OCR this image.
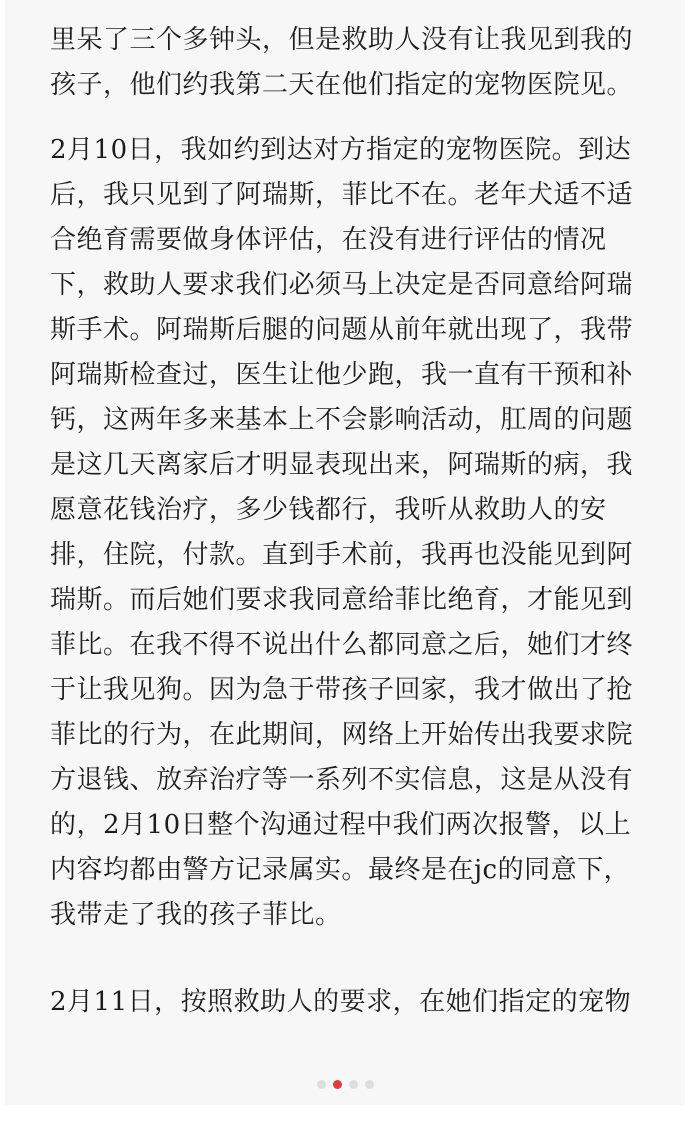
里呆了三个多钟头，但是救助人没有让我见到我的
孩子，他们约我第二天在他们指定的宠物医院见。

2月10日，我如约到达对方指定的宠物医院。到达
后，我只见到了阿瑞斯，菲比不在。老年犬适不适
合绝育需要做身体评估，在没有进行评估的情况
下，救助人要求我们必须马上决定是否同意给阿瑞
斯手术。阿瑞斯后腿的问题从前年就出现了，我带
阿瑞斯检查过，医生让他少跑，我一直有干预和补
钙，这两年多来基本上不会影响活动，肛周的问题
是这几天离家后才明显表现出来，阿瑞斯的病，我
愿意花钱治疗，多少钱都行，我听从救助人的安
排，住院，付款。直到手术前，我再也没能见到阿
瑞斯。而后她们要求我同意给菲比绝育，才能见到
菲比。在我不得不说出什么都同意之后，她们才终
于让我见狗。因为急于带孩子回家，我才做出了抢
菲比的行为，在此期间，网络上开始传出我要求院
方退钱、放弃治疗等一系列不实信息，这是从没有
的，2月10日整个沟通过程中我们两次报警，以上
内容均都由警方记录属实。最终是在jc的同意下，
我带走了我的孩子菲比。

2月11日，按照救助人的要求，在她们指定的宠物
